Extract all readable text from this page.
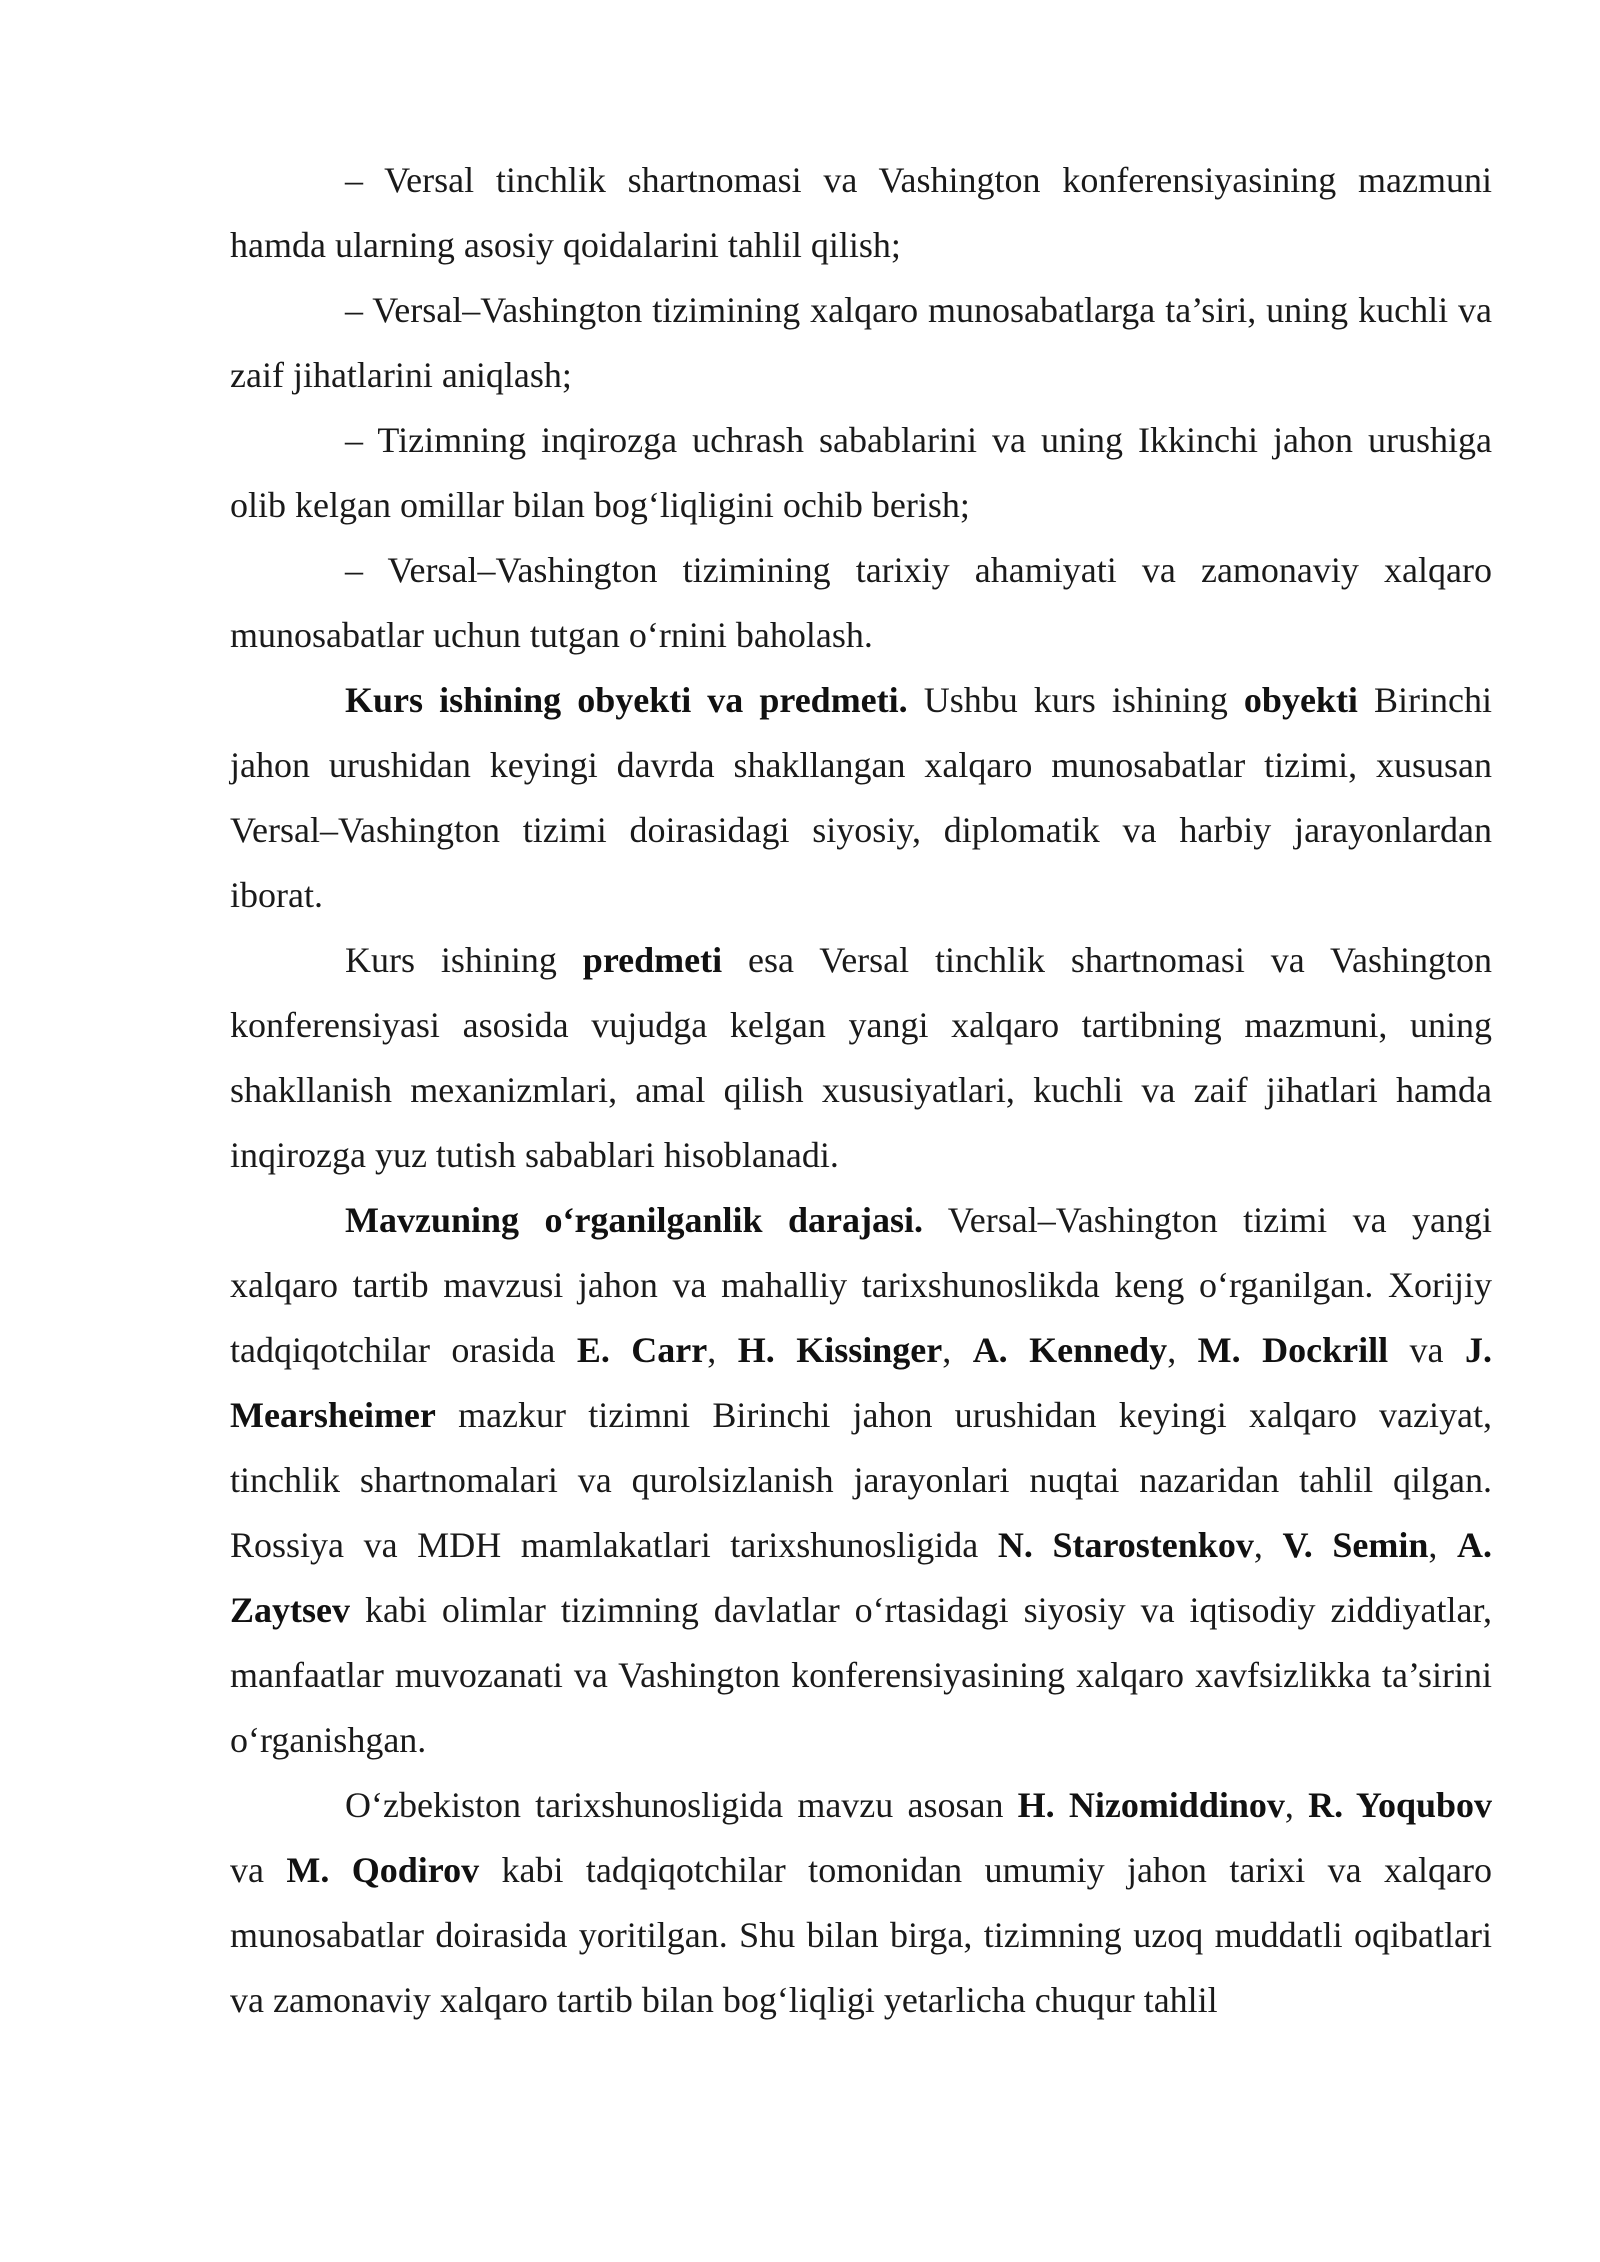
– Versal tinchlik shartnomasi va Vashington konferensiyasining mazmuni hamda ularning asosiy qoidalarini tahlil qilish;

– Versal–Vashington tizimining xalqaro munosabatlarga ta’siri, uning kuchli va zaif jihatlarini aniqlash;

– Tizimning inqirozga uchrash sabablarini va uning Ikkinchi jahon urushiga olib kelgan omillar bilan bog‘liqligini ochib berish;

– Versal–Vashington tizimining tarixiy ahamiyati va zamonaviy xalqaro munosabatlar uchun tutgan o‘rnini baholash.

Kurs ishining obyekti va predmeti. Ushbu kurs ishining obyekti Birinchi jahon urushidan keyingi davrda shakllangan xalqaro munosabatlar tizimi, xususan Versal–Vashington tizimi doirasidagi siyosiy, diplomatik va harbiy jarayonlardan iborat.

Kurs ishining predmeti esa Versal tinchlik shartnomasi va Vashington konferensiyasi asosida vujudga kelgan yangi xalqaro tartibning mazmuni, uning shakllanish mexanizmlari, amal qilish xususiyatlari, kuchli va zaif jihatlari hamda inqirozga yuz tutish sabablari hisoblanadi.

Mavzuning o‘rganilganlik darajasi. Versal–Vashington tizimi va yangi xalqaro tartib mavzusi jahon va mahalliy tarixshunoslikda keng o‘rganilgan. Xorijiy tadqiqotchilar orasida E. Carr, H. Kissinger, A. Kennedy, M. Dockrill va J. Mearsheimer mazkur tizimni Birinchi jahon urushidan keyingi xalqaro vaziyat, tinchlik shartnomalari va qurolsizlanish jarayonlari nuqtai nazaridan tahlil qilgan. Rossiya va MDH mamlakatlari tarixshunosligida N. Starostenkov, V. Semin, A. Zaytsev kabi olimlar tizimning davlatlar o‘rtasidagi siyosiy va iqtisodiy ziddiyatlar, manfaatlar muvozanati va Vashington konferensiyasining xalqaro xavfsizlikka ta’sirini o‘rganishgan.

O‘zbekiston tarixshunosligida mavzu asosan H. Nizomiddinov, R. Yoqubov va M. Qodirov kabi tadqiqotchilar tomonidan umumiy jahon tarixi va xalqaro munosabatlar doirasida yoritilgan. Shu bilan birga, tizimning uzoq muddatli oqibatlari va zamonaviy xalqaro tartib bilan bog‘liqligi yetarlicha chuqur tahlil
